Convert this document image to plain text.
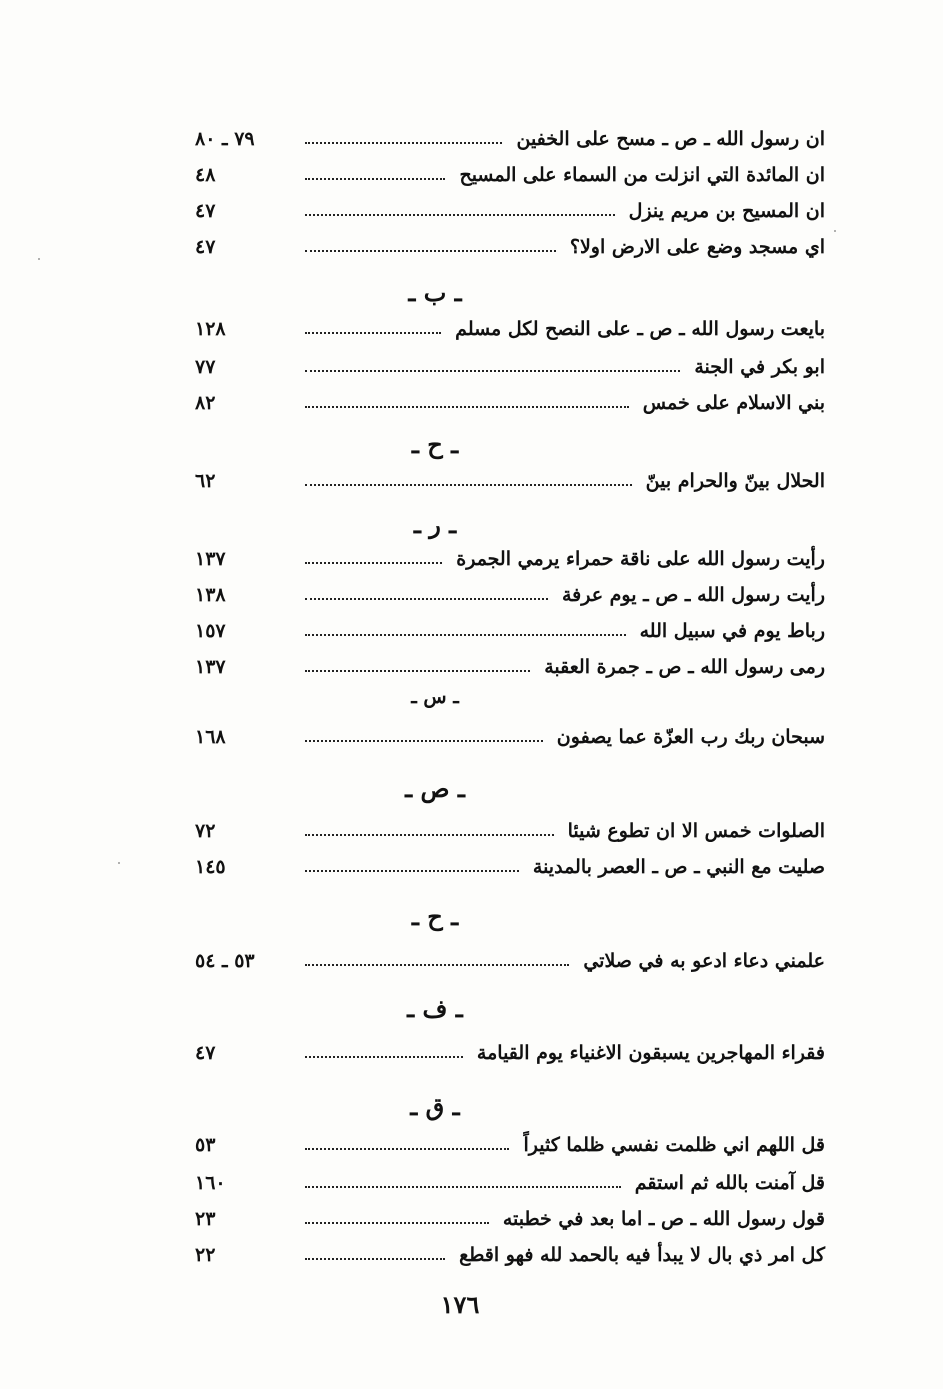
ان رسول الله ـ ص ـ مسح على الخفين
٧٩ ـ ٨٠
ان المائدة التي انزلت من السماء على المسيح
٤٨
ان المسيح بن مريم ينزل
٤٧
اي مسجد وضع على الارض اولا؟
٤٧
ـ ب ـ
بايعت رسول الله ـ ص ـ على النصح لكل مسلم
١٢٨
ابو بكر في الجنة
٧٧
بني الاسلام على خمس
٨٢
ـ ح ـ
الحلال بينّ والحرام بينّ
٦٢
ـ ر ـ
رأيت رسول الله على ناقة حمراء يرمي الجمرة
١٣٧
رأيت رسول الله ـ ص ـ يوم عرفة
١٣٨
رباط يوم في سبيل الله
١٥٧
رمى رسول الله ـ ص ـ جمرة العقبة
١٣٧
ـ س ـ
سبحان ربك رب العزّة عما يصفون
١٦٨
ـ ص ـ
الصلوات خمس الا ان تطوع شيئا
٧٢
صليت مع النبي ـ ص ـ العصر بالمدينة
١٤٥
ـ ح ـ
علمني دعاء ادعو به في صلاتي
٥٣ ـ ٥٤
ـ ف ـ
فقراء المهاجرين يسبقون الاغنياء يوم القيامة
٤٧
ـ ق ـ
قل اللهم اني ظلمت نفسي ظلما كثيراً
٥٣
قل آمنت بالله ثم استقم
١٦٠
قول رسول الله ـ ص ـ اما بعد في خطبته
٢٣
كل امر ذي بال لا يبدأ فيه بالحمد لله فهو اقطع
٢٢
١٧٦
